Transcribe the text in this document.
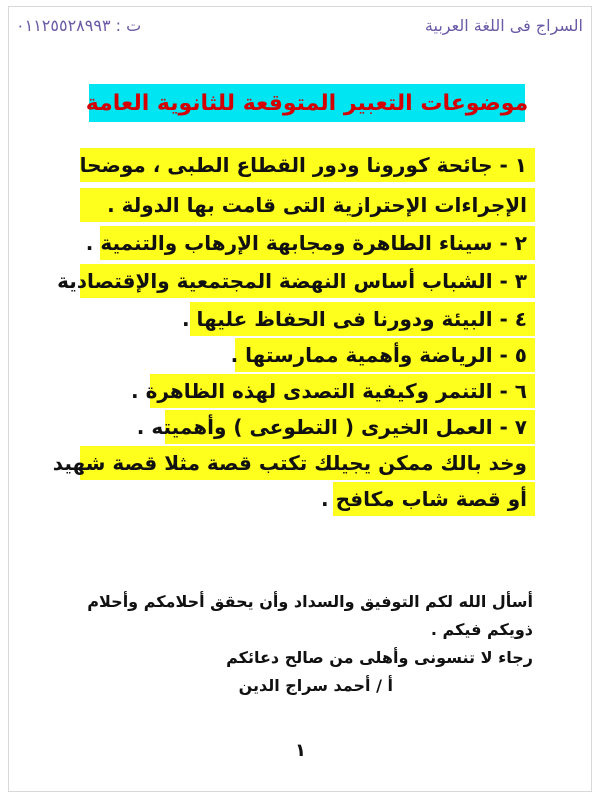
ت : ٠١١٢٥٥٢٨٩٩٣	السراج فى اللغة العربية
موضوعات التعبير المتوقعة للثانوية العامة
١ - جائحة كورونا ودور القطاع الطبى ، موضحا
الإجراءات الإحترازية التى قامت بها الدولة .
٢ - سيناء الطاهرة ومجابهة الإرهاب والتنمية .
٣ - الشباب أساس النهضة المجتمعية والإقتصادية
٤ - البيئة ودورنا فى الحفاظ عليها .
٥ - الرياضة وأهمية ممارستها .
٦ - التنمر وكيفية التصدى لهذه الظاهرة .
٧ - العمل الخيرى ( التطوعى ) وأهميته .
وخد بالك ممكن يجيلك تكتب قصة مثلا قصة شهيد
أو قصة شاب مكافح .
أسأل الله لكم التوفيق والسداد وأن يحقق أحلامكم وأحلام
ذويكم فيكم .
رجاء لا تنسونى وأهلى من صالح دعائكم
أ / أحمد سراج الدين
١
